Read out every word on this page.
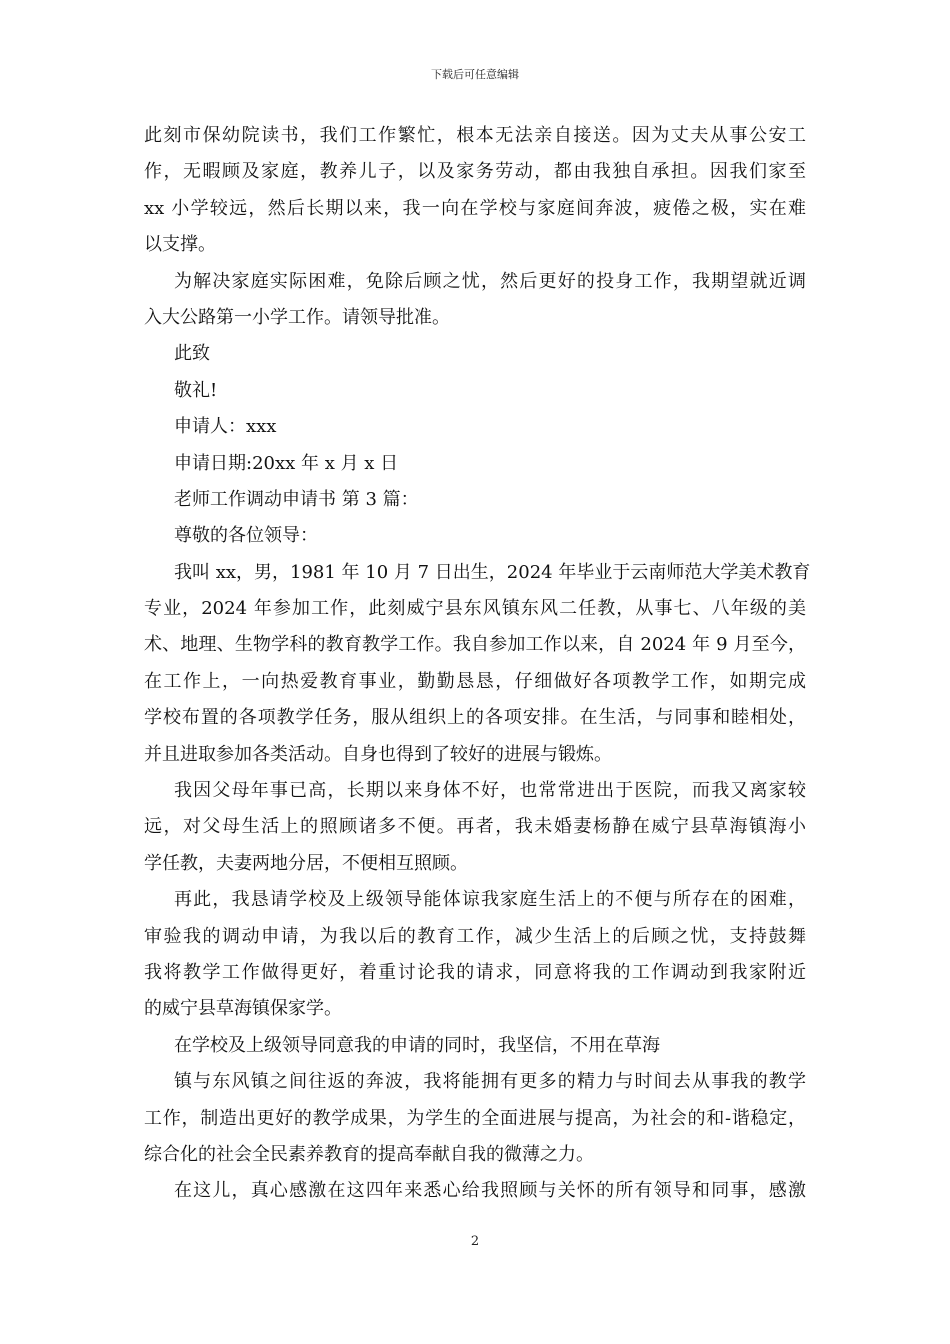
下载后可任意编辑
此刻市保幼院读书，我们工作繁忙，根本无法亲自接送。因为丈夫从事公安工
作，无暇顾及家庭，教养儿子，以及家务劳动，都由我独自承担。因我们家至
xx 小学较远，然后长期以来，我一向在学校与家庭间奔波，疲倦之极，实在难
以支撑。
为解决家庭实际困难，免除后顾之忧，然后更好的投身工作，我期望就近调
入大公路第一小学工作。请领导批准。
此致
敬礼!
申请人：xxx
申请日期:20xx 年 x 月 x 日
老师工作调动申请书 第 3 篇：
尊敬的各位领导：
我叫 xx，男，1981 年 10 月 7 日出生，2024 年毕业于云南师范大学美术教育
专业，2024 年参加工作，此刻威宁县东风镇东风二任教，从事七、八年级的美
术、地理、生物学科的教育教学工作。我自参加工作以来，自 2024 年 9 月至今，
在工作上，一向热爱教育事业，勤勤恳恳，仔细做好各项教学工作，如期完成
学校布置的各项教学任务，服从组织上的各项安排。在生活，与同事和睦相处，
并且进取参加各类活动。自身也得到了较好的进展与锻炼。
我因父母年事已高，长期以来身体不好，也常常进出于医院，而我又离家较
远，对父母生活上的照顾诸多不便。再者，我未婚妻杨静在威宁县草海镇海小
学任教，夫妻两地分居，不便相互照顾。
再此，我恳请学校及上级领导能体谅我家庭生活上的不便与所存在的困难，
审验我的调动申请，为我以后的教育工作，减少生活上的后顾之忧，支持鼓舞
我将教学工作做得更好，着重讨论我的请求，同意将我的工作调动到我家附近
的威宁县草海镇保家学。
在学校及上级领导同意我的申请的同时，我坚信，不用在草海
镇与东风镇之间往返的奔波，我将能拥有更多的精力与时间去从事我的教学
工作，制造出更好的教学成果，为学生的全面进展与提高，为社会的和-谐稳定，
综合化的社会全民素养教育的提高奉献自我的微薄之力。
在这儿，真心感激在这四年来悉心给我照顾与关怀的所有领导和同事，感激
2
